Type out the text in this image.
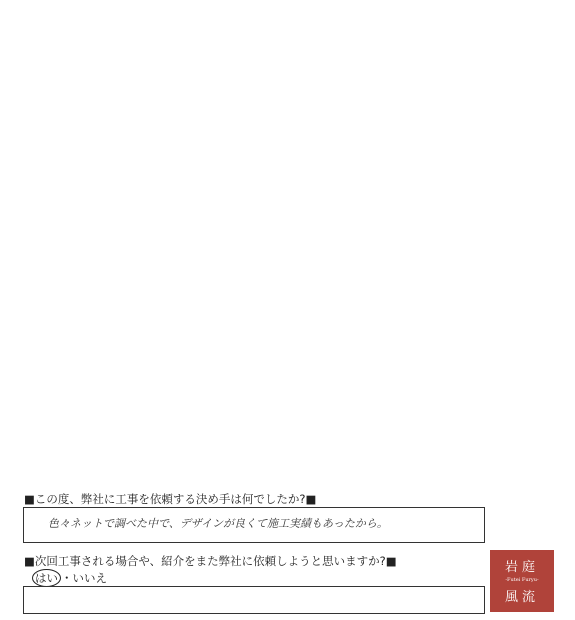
■この度、弊社に工事を依頼する決め手は何でしたか?■
色々ネットで調べた中で、デザインが良くて施工実績もあったから。
■次回工事される場合や、紹介をまた弊社に依頼しようと思いますか?■
はい ・いいえ
岩庭
-Futei Furyu-
風流
